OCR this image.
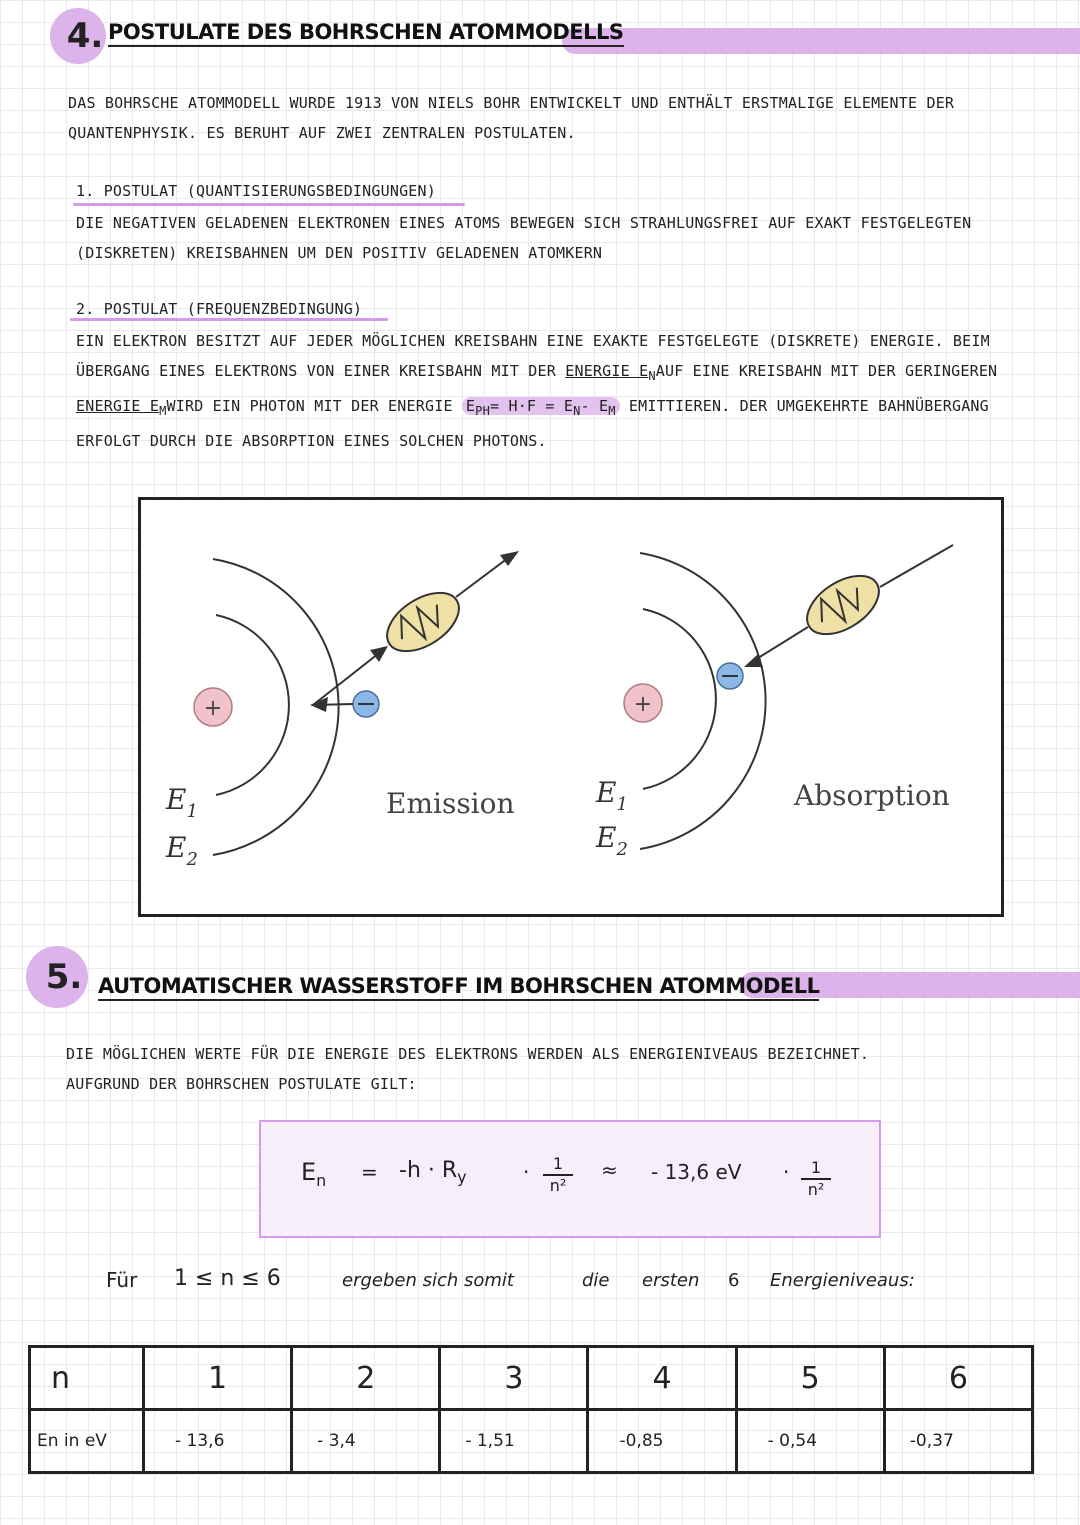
4. POSTULATE DES BOHRSCHEN ATOMMODELLS
DAS BOHRSCHE ATOMMODELL WURDE 1913 VON NIELS BOHR ENTWICKELT UND ENTHÄLT ERSTMALIGE ELEMENTE DER
QUANTENPHYSIK. ES BERUHT AUF ZWEI ZENTRALEN POSTULATEN.
1. POSTULAT (QUANTISIERUNGSBEDINGUNGEN)
DIE NEGATIVEN GELADENEN ELEKTRONEN EINES ATOMS BEWEGEN SICH STRAHLUNGSFREI AUF EXAKT FESTGELEGTEN
(DISKRETEN) KREISBAHNEN UM DEN POSITIV GELADENEN ATOMKERN
2. POSTULAT (FREQUENZBEDINGUNG)
EIN ELEKTRON BESITZT AUF JEDER MÖGLICHEN KREISBAHN EINE EXAKTE FESTGELEGTE (DISKRETE) ENERGIE. BEIM
ÜBERGANG EINES ELEKTRONS VON EINER KREISBAHN MIT DER ENERGIE $E_NAUF$ EINE KREISBAHN MIT DER GERINGEREN
ENERGIE $E_MWIRD$ EIN PHOTON MIT DER ENERGIE $E_{PH}= H\cdot F = E_N-$ $E_M$ EMITTIEREN. DER UMGEKEHRTE BAHNÜBERGANG
ERFOLGT DURCH DIE ABSORPTION EINES SOLCHEN PHOTONS.
+
$E_1$
$E_2$
Emission
+
$E_1$
$E_2$
Absorption
5. AUTOMATISCHER WASSERSTOFF IM BOHRSCHEN ATOMMODELL
DIE MÖGLICHEN WERTE FÜR DIE ENERGIE DES ELEKTRONS WERDEN ALS ENERGIENIVEAUS BEZEICHNET.
AUFGRUND DER BOHRSCHEN POSTULATE GILT:
$E_n = -h \cdot R_y$	·	1
n²
≈ - 13,6 eV ·	1
n²
Für 1 ≤ n ≤ 6	ergeben sich somit	die ersten 6 Energieniveaus:
n	1	2	3	4	5	6
En in eV	- 13,6	- 3,4	- 1,51	-0,85	- 0,54	-0,37
